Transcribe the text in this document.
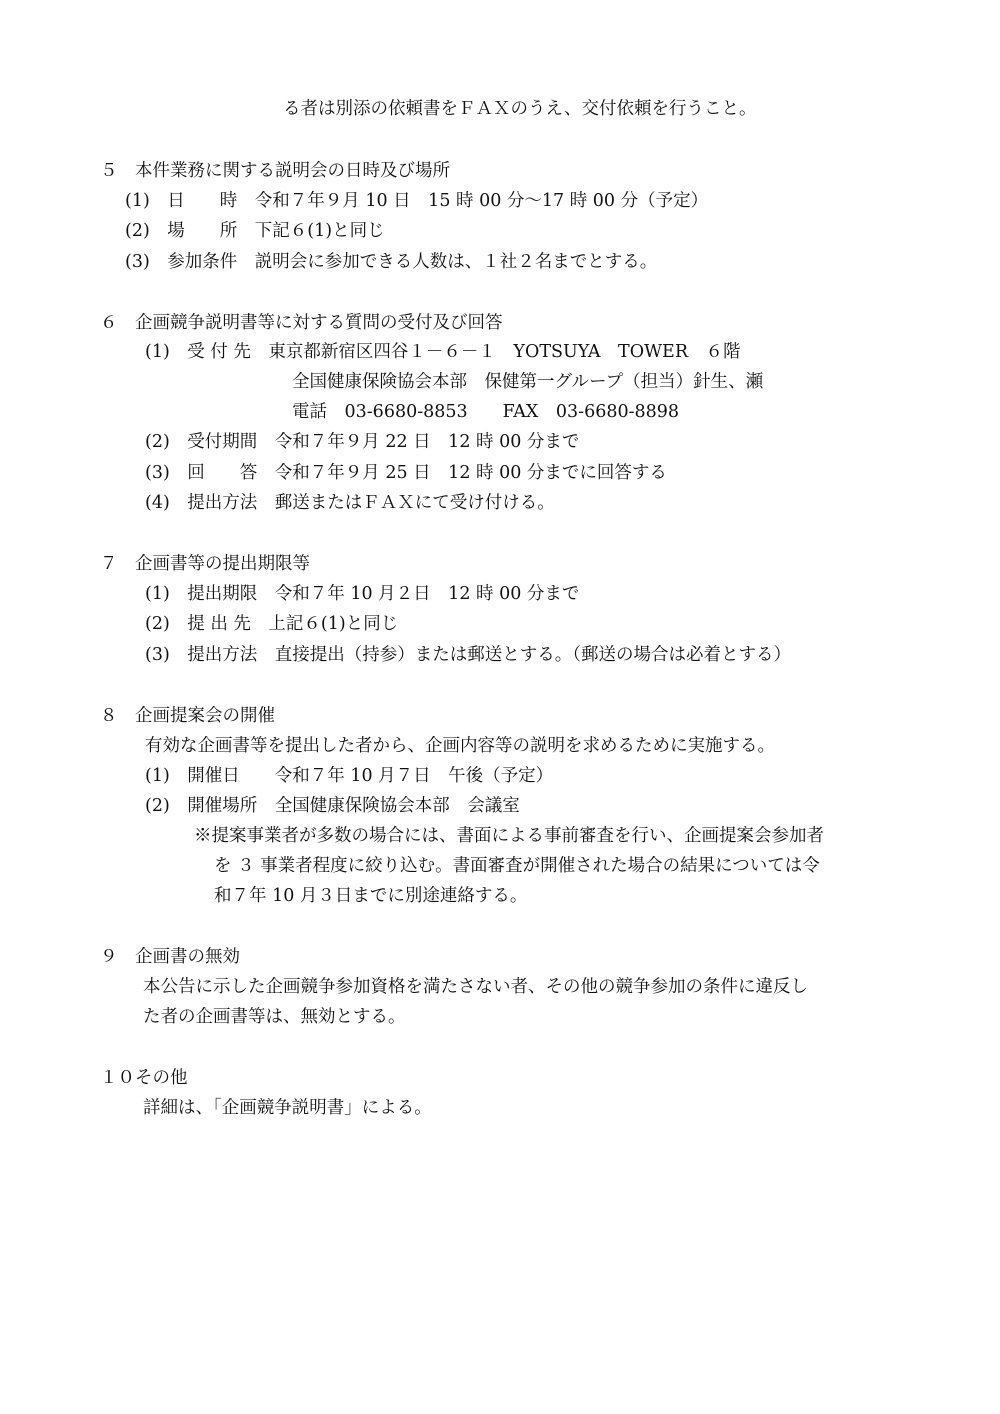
る者は別添の依頼書をＦＡＸのうえ、交付依頼を行うこと。
５　本件業務に関する説明会の日時及び場所
(1)　日　　時　令和７年９月 10 日　15 時 00 分～17 時 00 分（予定）
(2)　場　　所　下記６(1)と同じ
(3)　参加条件　説明会に参加できる人数は、１社２名までとする。
６　企画競争説明書等に対する質問の受付及び回答
(1)　受 付 先　東京都新宿区四谷１－６－１　YOTSUYA　TOWER　６階
全国健康保険協会本部　保健第一グループ（担当）針生、瀬
電話　03-6680-8853　　FAX　03-6680-8898
(2)　受付期間　令和７年９月 22 日　12 時 00 分まで
(3)　回　　答　令和７年９月 25 日　12 時 00 分までに回答する
(4)　提出方法　郵送またはＦＡＸにて受け付ける。
７　企画書等の提出期限等
(1)　提出期限　令和７年 10 月２日　12 時 00 分まで
(2)　提 出 先　上記６(1)と同じ
(3)　提出方法　直接提出（持参）または郵送とする。（郵送の場合は必着とする）
８　企画提案会の開催
有効な企画書等を提出した者から、企画内容等の説明を求めるために実施する。
(1)　開催日　　令和７年 10 月７日　午後（予定）
(2)　開催場所　全国健康保険協会本部　会議室
※提案事業者が多数の場合には、書面による事前審査を行い、企画提案会参加者
を ３ 事業者程度に絞り込む。書面審査が開催された場合の結果については令
和７年 10 月３日までに別途連絡する。
９　企画書の無効
本公告に示した企画競争参加資格を満たさない者、その他の競争参加の条件に違反し
た者の企画書等は、無効とする。
１０その他
詳細は、「企画競争説明書」による。
